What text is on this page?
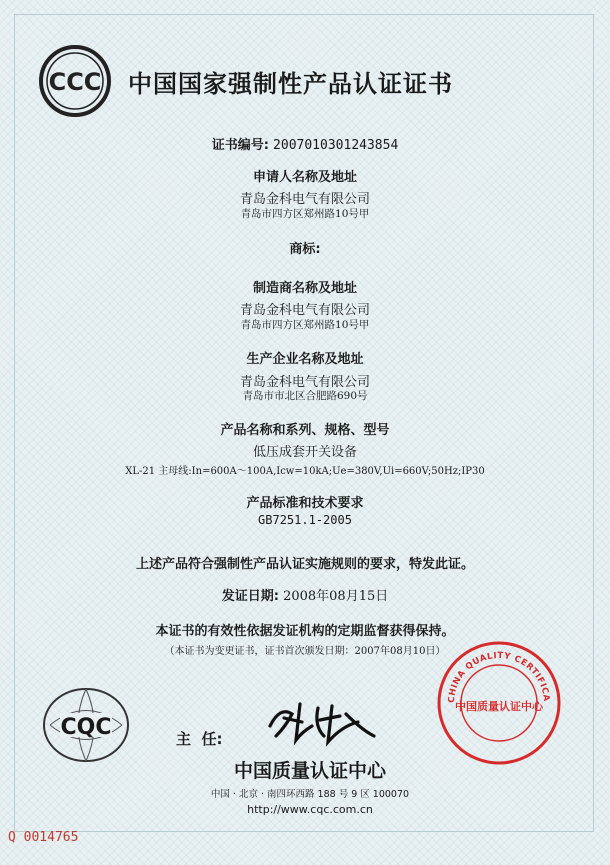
CCC 中国国家强制性产品认证证书
证书编号: 2007010301243854
申请人名称及地址
青岛金科电气有限公司
青岛市四方区郑州路10号甲
商标:
制造商名称及地址
青岛金科电气有限公司
青岛市四方区郑州路10号甲
生产企业名称及地址
青岛金科电气有限公司
青岛市市北区合肥路690号
产品名称和系列、规格、型号
低压成套开关设备
XL-21 主母线:In=600A～100A,Icw=10kA;Ue=380V,Ui=660V;50Hz;IP30
产品标准和技术要求
GB7251.1-2005
上述产品符合强制性产品认证实施规则的要求，特发此证。
发证日期: 2008年08月15日
本证书的有效性依据发证机构的定期监督获得保持。
（本证书为变更证书，证书首次颁发日期：2007年08月10日）
CQC	主  任:
中国质量认证中心
中国 · 北京 · 南四环西路 188 号 9 区 100070
http://www.cqc.com.cn
CHINA QUALITY CERTIFICA
中国质量认证中心
Q 0014765
